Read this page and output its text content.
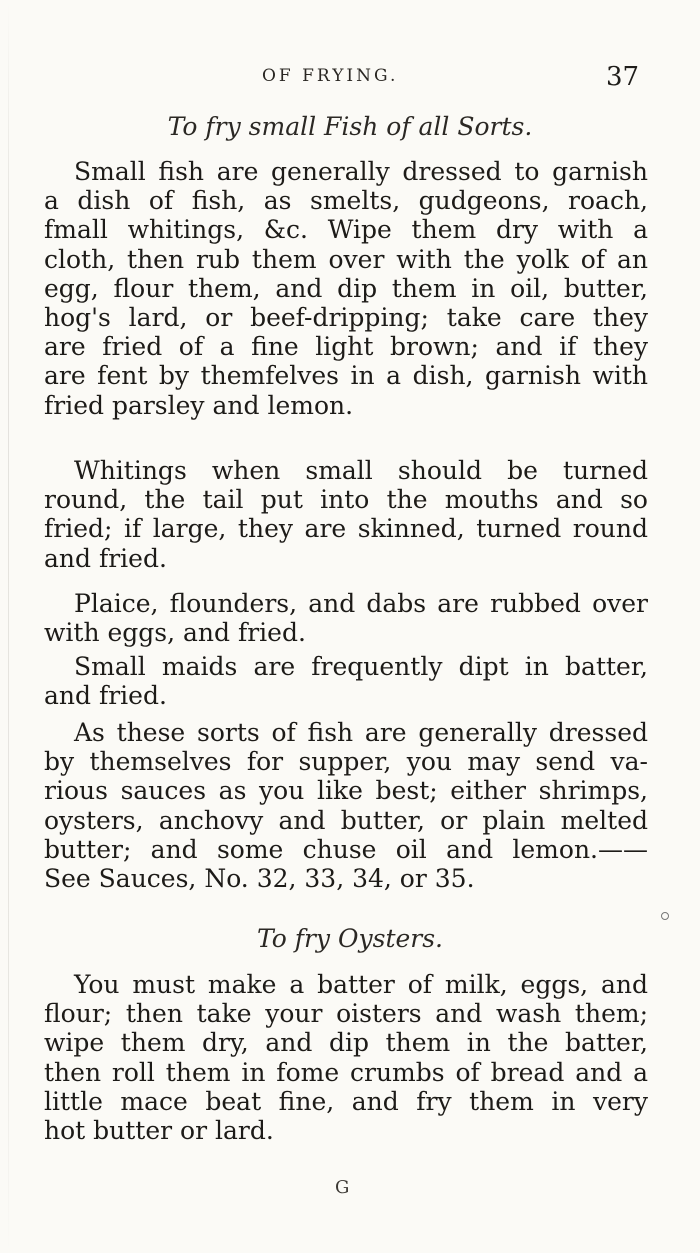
OF FRYING.	37
To fry small Fish of all Sorts.
Small fish are generally dressed to garnish
a dish of fish, as smelts, gudgeons, roach,
fmall whitings, &c. Wipe them dry with a
cloth, then rub them over with the yolk of an
egg, flour them, and dip them in oil, butter,
hog's lard, or beef-dripping; take care they
are fried of a fine light brown; and if they
are fent by themfelves in a dish, garnish with
fried parsley and lemon.
Whitings when small should be turned
round, the tail put into the mouths and so
fried; if large, they are skinned, turned round
and fried.
Plaice, flounders, and dabs are rubbed over
with eggs, and fried.
Small maids are frequently dipt in batter,
and fried.
As these sorts of fish are generally dressed
by themselves for supper, you may send va-
rious sauces as you like best; either shrimps,
oysters, anchovy and butter, or plain melted
butter; and some chuse oil and lemon.——
See Sauces, No. 32, 33, 34, or 35.
To fry Oysters.
You must make a batter of milk, eggs, and
flour; then take your oisters and wash them;
wipe them dry, and dip them in the batter,
then roll them in fome crumbs of bread and a
little mace beat fine, and fry them in very
hot butter or lard.
G
